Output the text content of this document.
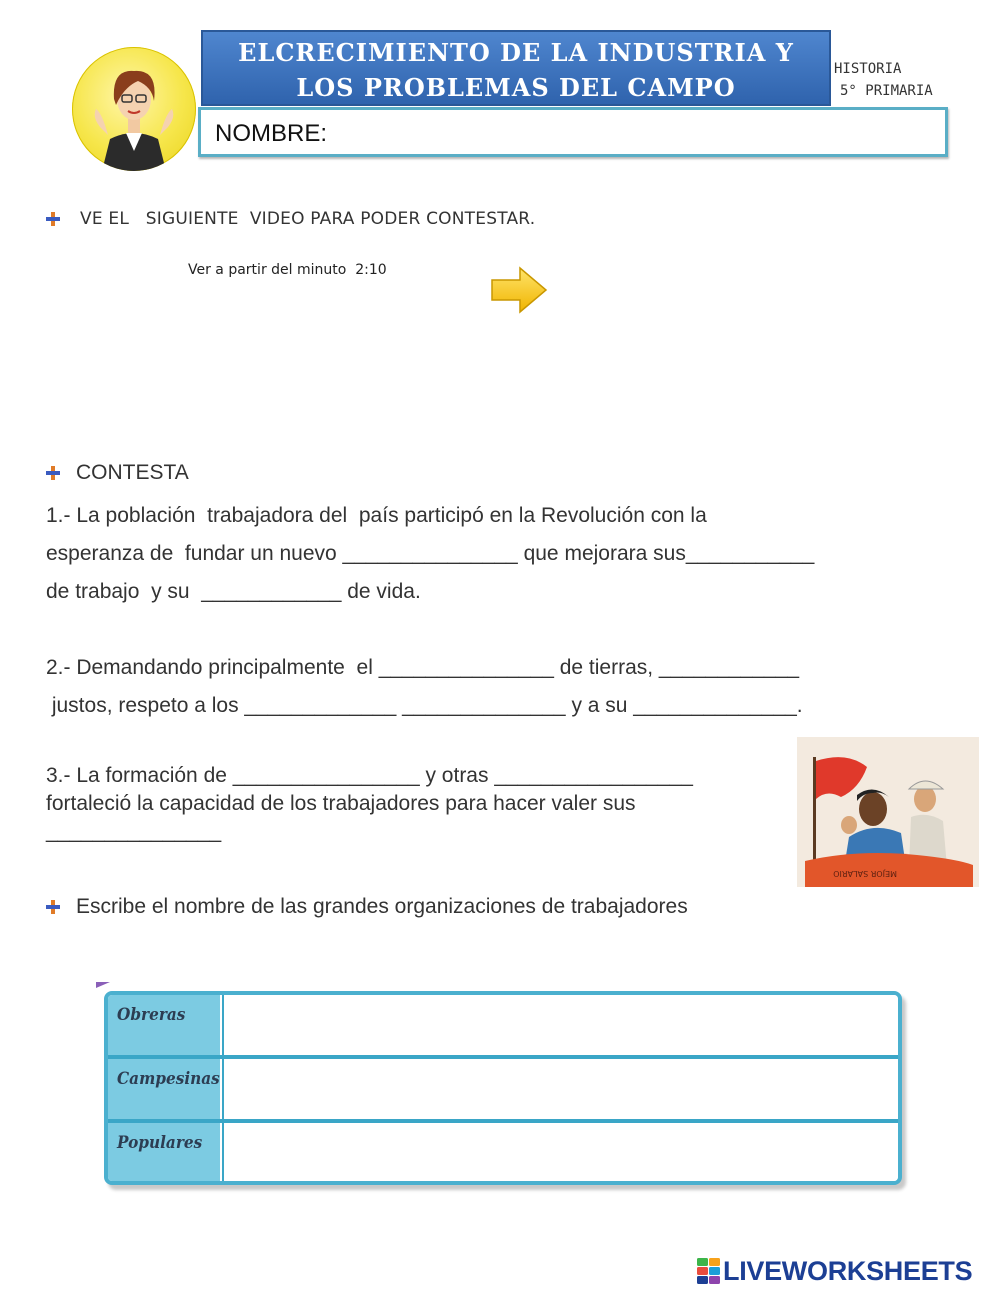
ELCRECIMIENTO DE LA INDUSTRIA Y
LOS PROBLEMAS DEL CAMPO
HISTORIA
5° PRIMARIA
NOMBRE:
VE EL   SIGUIENTE  VIDEO PARA PODER CONTESTAR.
Ver a partir del minuto  2:10
CONTESTA
1.- La población  trabajadora del  país participó en la Revolución con la
esperanza de  fundar un nuevo _______________ que mejorara sus___________
de trabajo  y su  ____________ de vida.
2.- Demandando principalmente  el _______________ de tierras, ____________
justos, respeto a los _____________ ______________ y a su ______________.
3.- La formación de ________________ y otras _________________
fortaleció la capacidad de los trabajadores para hacer valer sus
_______________
MEJOR SALARIO
Escribe el nombre de las grandes organizaciones de trabajadores
Obreras
Campesinas
Populares
LIVEWORKSHEETS
